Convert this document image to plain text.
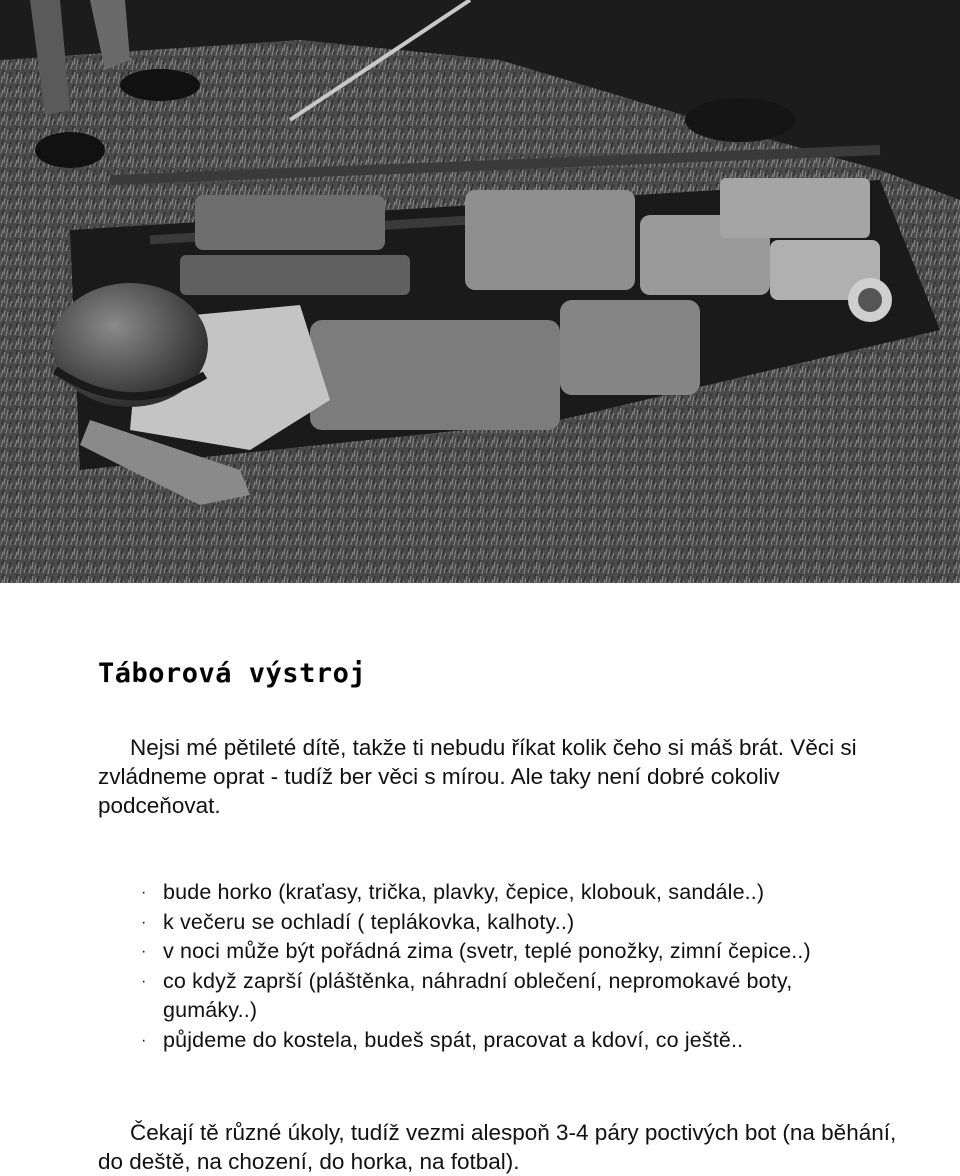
Táborová výstroj

Nejsi mé pětileté dítě, takže ti nebudu říkat kolik čeho si máš brát. Věci si zvládneme oprat - tudíž ber věci s mírou. Ale taky není dobré cokoliv podceňovat.

· bude horko (kraťasy, trička, plavky, čepice, klobouk, sandále..)
· k večeru se ochladí ( teplákovka, kalhoty..)
· v noci může být pořádná zima (svetr, teplé ponožky, zimní čepice..)
· co když zaprší (pláštěnka, náhradní oblečení, nepromokavé boty, gumáky..)
· půjdeme do kostela, budeš spát, pracovat a kdoví, co ještě..

Čekají tě různé úkoly, tudíž vezmi alespoň 3-4 páry poctivých bot (na běhání, do deště, na chození, do horka, na fotbal).
